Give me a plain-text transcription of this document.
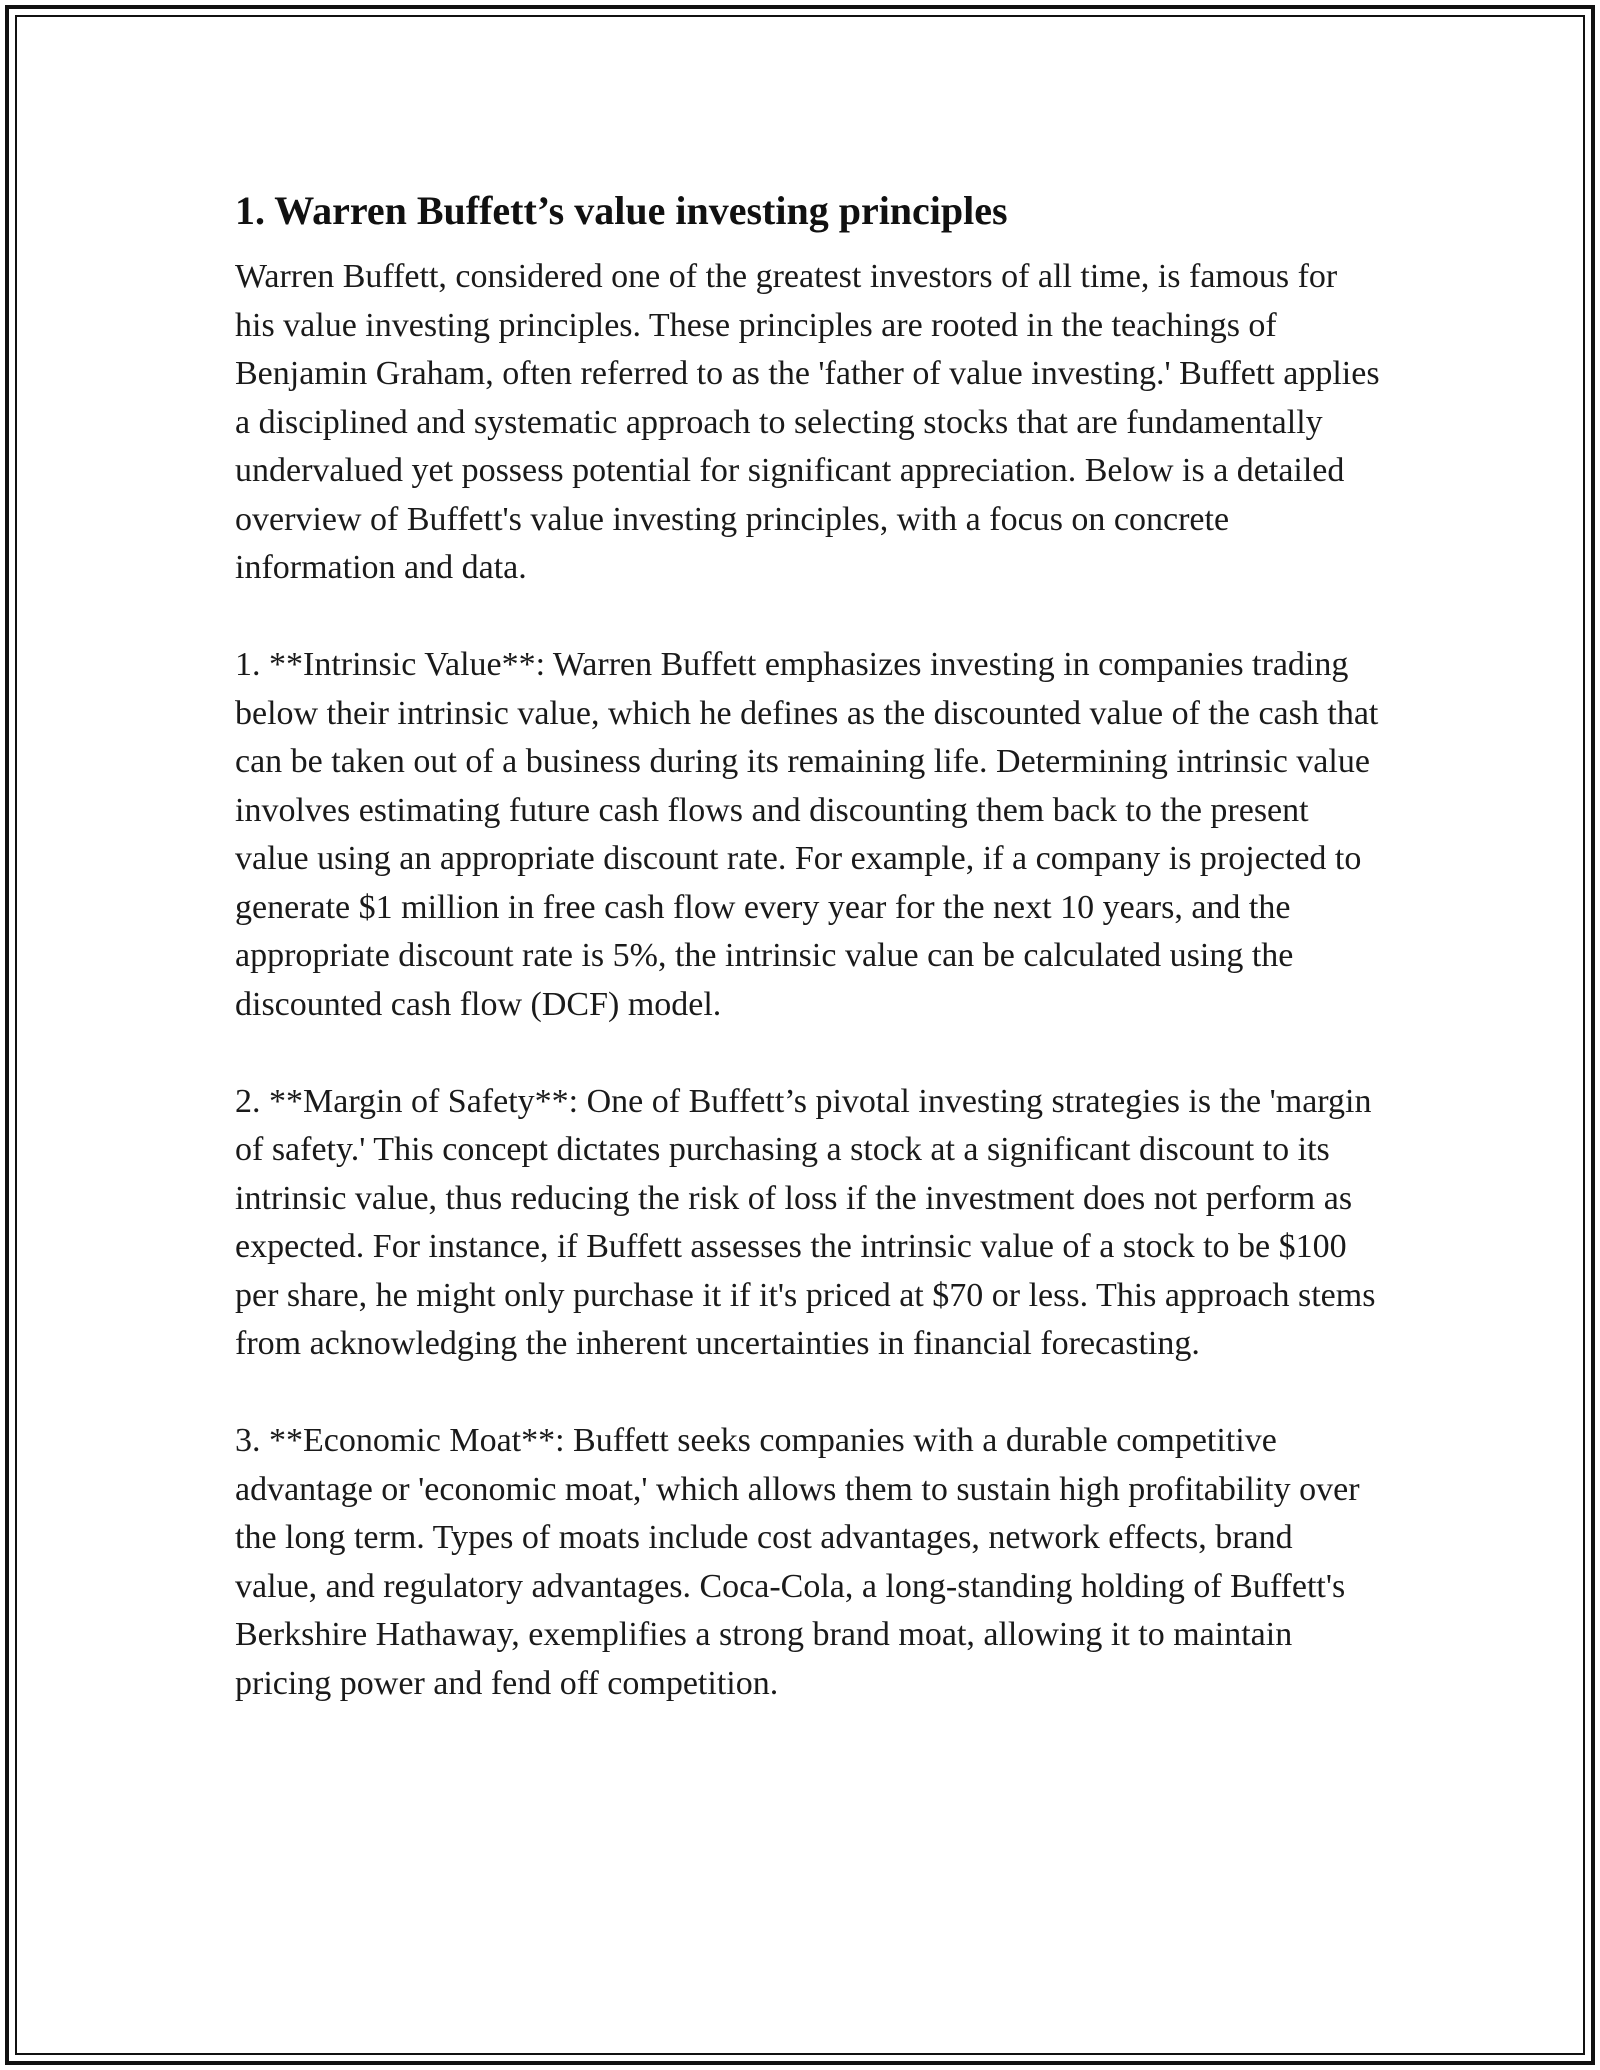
1. Warren Buffett’s value investing principles

Warren Buffett, considered one of the greatest investors of all time, is famous for his value investing principles. These principles are rooted in the teachings of Benjamin Graham, often referred to as the 'father of value investing.' Buffett applies a disciplined and systematic approach to selecting stocks that are fundamentally undervalued yet possess potential for significant appreciation. Below is a detailed overview of Buffett's value investing principles, with a focus on concrete information and data.

1. **Intrinsic Value**: Warren Buffett emphasizes investing in companies trading below their intrinsic value, which he defines as the discounted value of the cash that can be taken out of a business during its remaining life. Determining intrinsic value involves estimating future cash flows and discounting them back to the present value using an appropriate discount rate. For example, if a company is projected to generate $1 million in free cash flow every year for the next 10 years, and the appropriate discount rate is 5%, the intrinsic value can be calculated using the discounted cash flow (DCF) model.

2. **Margin of Safety**: One of Buffett’s pivotal investing strategies is the 'margin of safety.' This concept dictates purchasing a stock at a significant discount to its intrinsic value, thus reducing the risk of loss if the investment does not perform as expected. For instance, if Buffett assesses the intrinsic value of a stock to be $100 per share, he might only purchase it if it's priced at $70 or less. This approach stems from acknowledging the inherent uncertainties in financial forecasting.

3. **Economic Moat**: Buffett seeks companies with a durable competitive advantage or 'economic moat,' which allows them to sustain high profitability over the long term. Types of moats include cost advantages, network effects, brand value, and regulatory advantages. Coca-Cola, a long-standing holding of Buffett's Berkshire Hathaway, exemplifies a strong brand moat, allowing it to maintain pricing power and fend off competition.
